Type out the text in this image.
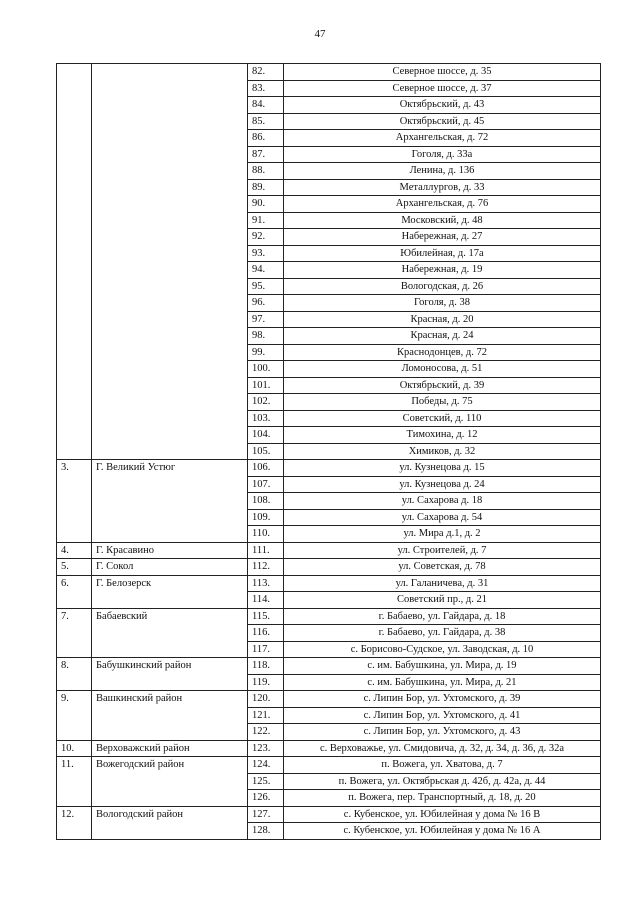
47
		82.	Северное шоссе, д. 35
		83.	Северное шоссе, д. 37
		84.	Октябрьский, д. 43
		85.	Октябрьский, д. 45
		86.	Архангельская, д. 72
		87.	Гоголя, д. 33а
		88.	Ленина, д. 136
		89.	Металлургов, д. 33
		90.	Архангельская, д. 76
		91.	Московский, д. 48
		92.	Набережная, д. 27
		93.	Юбилейная, д. 17а
		94.	Набережная, д. 19
		95.	Вологодская, д. 26
		96.	Гоголя, д. 38
		97.	Красная, д. 20
		98.	Красная, д. 24
		99.	Краснодонцев, д. 72
		100.	Ломоносова, д. 51
		101.	Октябрьский, д. 39
		102.	Победы, д. 75
		103.	Советский, д. 110
		104.	Тимохина, д. 12
		105.	Химиков, д. 32
3.	Г. Великий Устюг	106.	ул. Кузнецова д. 15
		107.	ул. Кузнецова д. 24
		108.	ул. Сахарова д. 18
		109.	ул. Сахарова д. 54
		110.	ул. Мира д.1, д. 2
4.	Г. Красавино	111.	ул. Строителей, д. 7
5.	Г. Сокол	112.	ул. Советская, д. 78
6.	Г. Белозерск	113.	ул. Галаничева, д. 31
		114.	Советский пр., д. 21
7.	Бабаевский	115.	г. Бабаево, ул. Гайдара, д. 18
		116.	г. Бабаево, ул. Гайдара, д. 38
		117.	с. Борисово-Судское, ул. Заводская, д. 10
8.	Бабушкинский район	118.	с. им. Бабушкина, ул. Мира, д. 19
		119.	с. им. Бабушкина, ул. Мира, д. 21
9.	Вашкинский район	120.	с. Липин Бор, ул. Ухтомского, д. 39
		121.	с. Липин Бор, ул. Ухтомского, д. 41
		122.	с. Липин Бор, ул. Ухтомского, д. 43
10.	Верховажский район	123.	с. Верховажье, ул. Смидовича, д. 32, д. 34, д. 36, д. 32а
11.	Вожегодский район	124.	п. Вожега, ул. Хватова, д. 7
		125.	п. Вожега, ул. Октябрьская д. 42б, д. 42а, д. 44
		126.	п. Вожега, пер. Транспортный, д. 18, д. 20
12.	Вологодский район	127.	с. Кубенское, ул. Юбилейная у дома № 16 В
		128.	с. Кубенское, ул. Юбилейная у дома № 16 А
